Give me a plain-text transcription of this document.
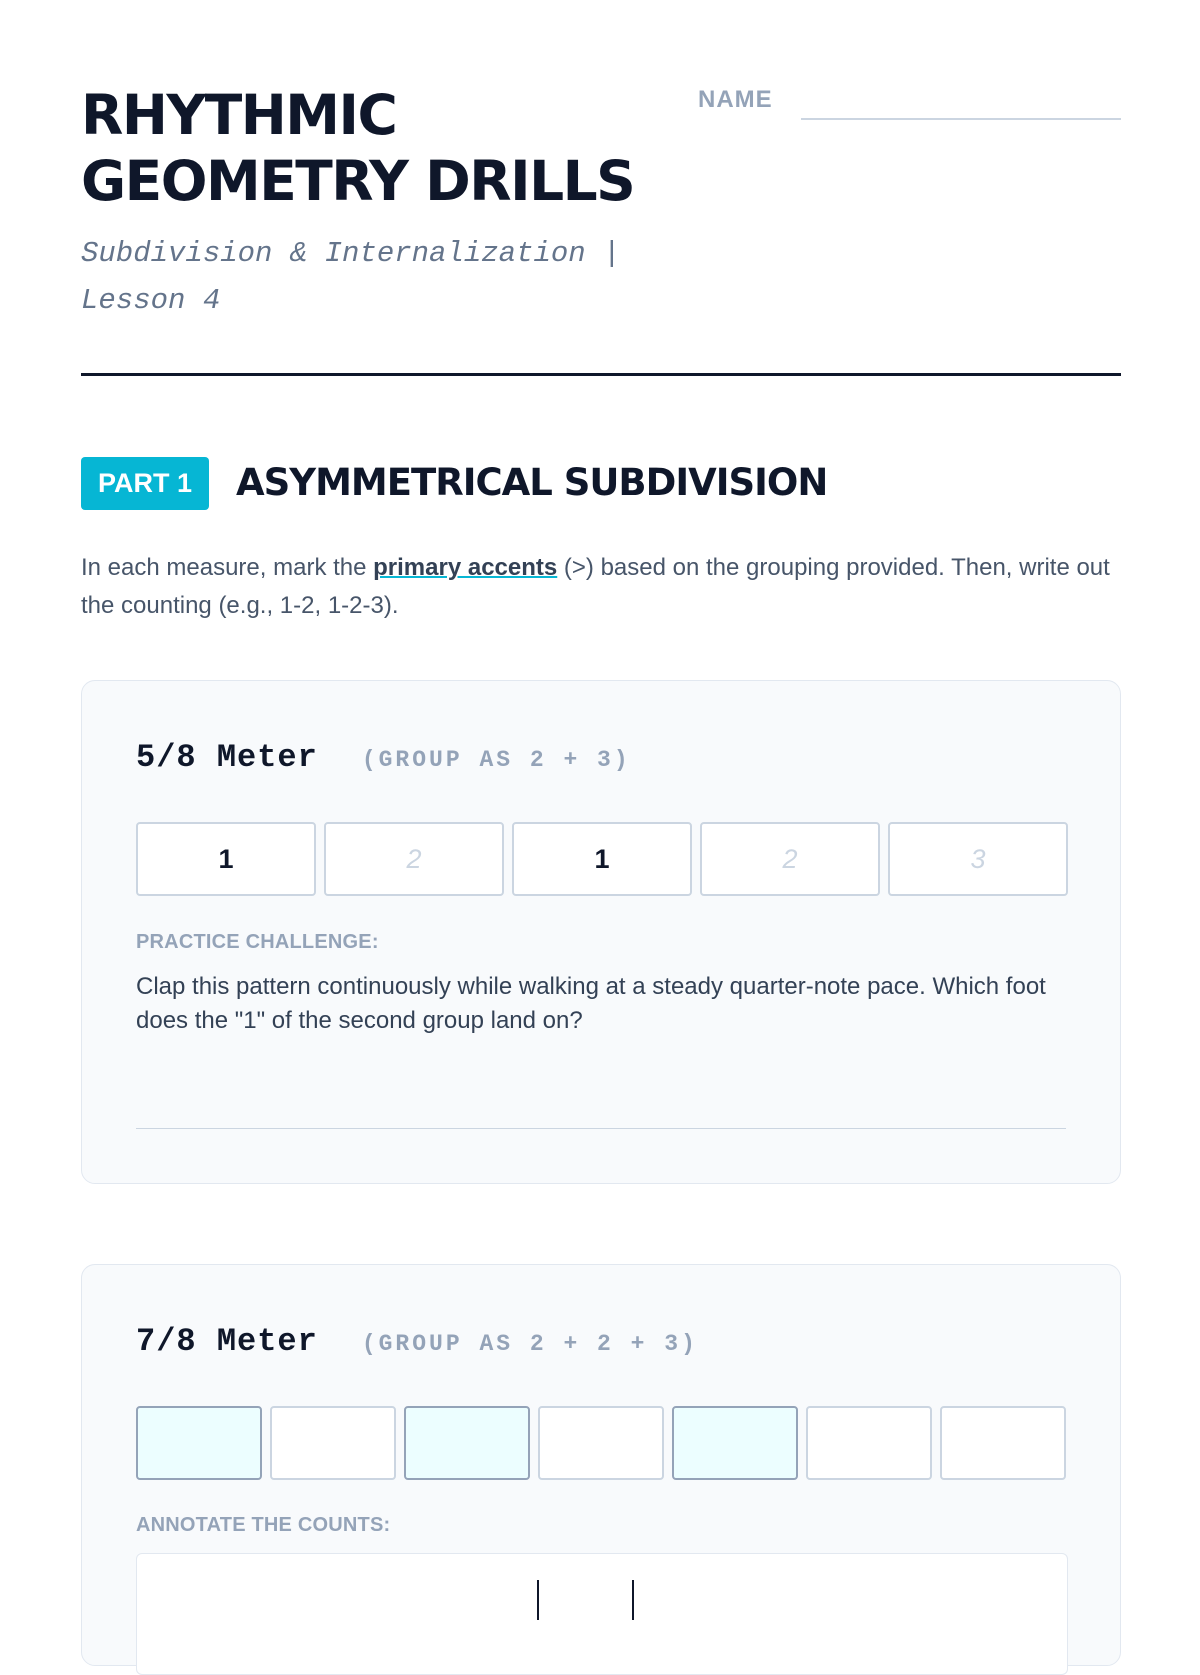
RHYTHMIC
GEOMETRY DRILLS
Subdivision & Internalization | Lesson 4
NAME
PART 1	ASYMMETRICAL SUBDIVISION

In each measure, mark the primary accents (>) based on the grouping provided. Then, write out the counting (e.g., 1-2, 1-2-3).

5/8 Meter (GROUP AS 2 + 3)
1	2	1	2	3
PRACTICE CHALLENGE:

Clap this pattern continuously while walking at a steady quarter-note pace. Which foot does the "1" of the second group land on?

7/8 Meter (GROUP AS 2 + 2 + 3)
ANNOTATE THE COUNTS:
